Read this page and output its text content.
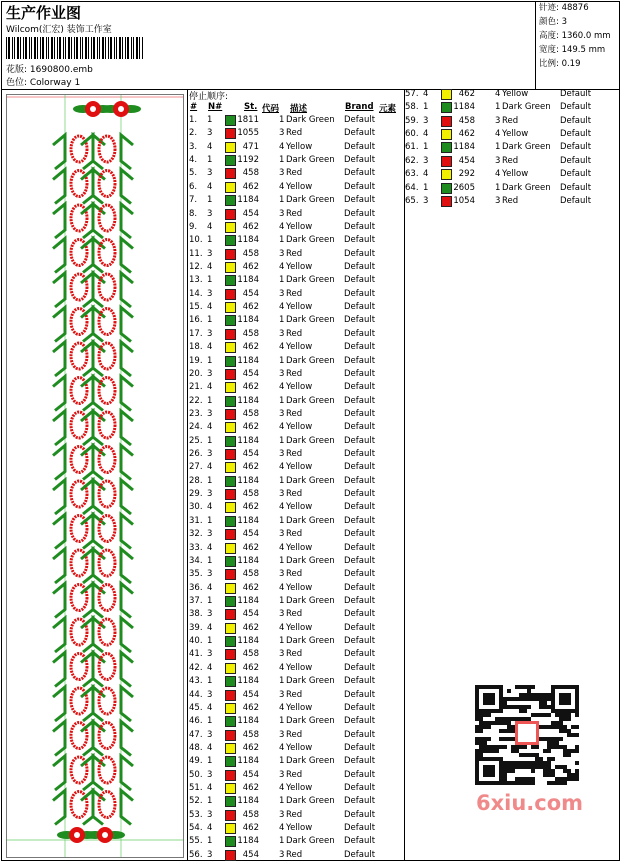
生产作业图
Wilcom(汇宏) 装饰工作室
花版: 1690800.emb
色位: Colorway 1
针迹: 48876
颜色: 3
高度: 1360.0 mm
宽度: 149.5 mm
比例: 0.19
停止顺序:
# N#	St. 代码 描述	Brand 元素
1. 1	1811 1 Dark Green Default
2. 3	1055 3 Red	Default
3. 4	471 4 Yellow	Default
4. 1	1192 1 Dark Green Default
5. 3	458 3 Red	Default
6. 4	462 4 Yellow	Default
7. 1	1184 1 Dark Green Default
8. 3	454 3 Red	Default
9. 4	462 4 Yellow	Default
10. 1	1184 1 Dark Green Default
11. 3	458 3 Red	Default
12. 4	462 4 Yellow	Default
13. 1	1184 1 Dark Green Default
14. 3	454 3 Red	Default
15. 4	462 4 Yellow	Default
16. 1	1184 1 Dark Green Default
17. 3	458 3 Red	Default
18. 4	462 4 Yellow	Default
19. 1	1184 1 Dark Green Default
20. 3	454 3 Red	Default
21. 4	462 4 Yellow	Default
22. 1	1184 1 Dark Green Default
23. 3	458 3 Red	Default
24. 4	462 4 Yellow	Default
25. 1	1184 1 Dark Green Default
26. 3	454 3 Red	Default
27. 4	462 4 Yellow	Default
28. 1	1184 1 Dark Green Default
29. 3	458 3 Red	Default
30. 4	462 4 Yellow	Default
31. 1	1184 1 Dark Green Default
32. 3	454 3 Red	Default
33. 4	462 4 Yellow	Default
34. 1	1184 1 Dark Green Default
35. 3	458 3 Red	Default
36. 4	462 4 Yellow	Default
37. 1	1184 1 Dark Green Default
38. 3	454 3 Red	Default
39. 4	462 4 Yellow	Default
40. 1	1184 1 Dark Green Default
41. 3	458 3 Red	Default
42. 4	462 4 Yellow	Default
43. 1	1184 1 Dark Green Default
44. 3	454 3 Red	Default
45. 4	462 4 Yellow	Default
46. 1	1184 1 Dark Green Default
47. 3	458 3 Red	Default
48. 4	462 4 Yellow	Default
49. 1	1184 1 Dark Green Default
50. 3	454 3 Red	Default
51. 4	462 4 Yellow	Default
52. 1	1184 1 Dark Green Default
53. 3	458 3 Red	Default
54. 4	462 4 Yellow	Default
55. 1	1184 1 Dark Green Default
56. 3	454 3 Red	Default
57. 4	462 4 Yellow	Default
58. 1	1184 1 Dark Green Default
59. 3	458 3 Red	Default
60. 4	462 4 Yellow	Default
61. 1	1184 1 Dark Green Default
62. 3	454 3 Red	Default
63. 4	292 4 Yellow	Default
64. 1	2605 1 Dark Green Default
65. 3	1054 3 Red	Default
6xiu.com
